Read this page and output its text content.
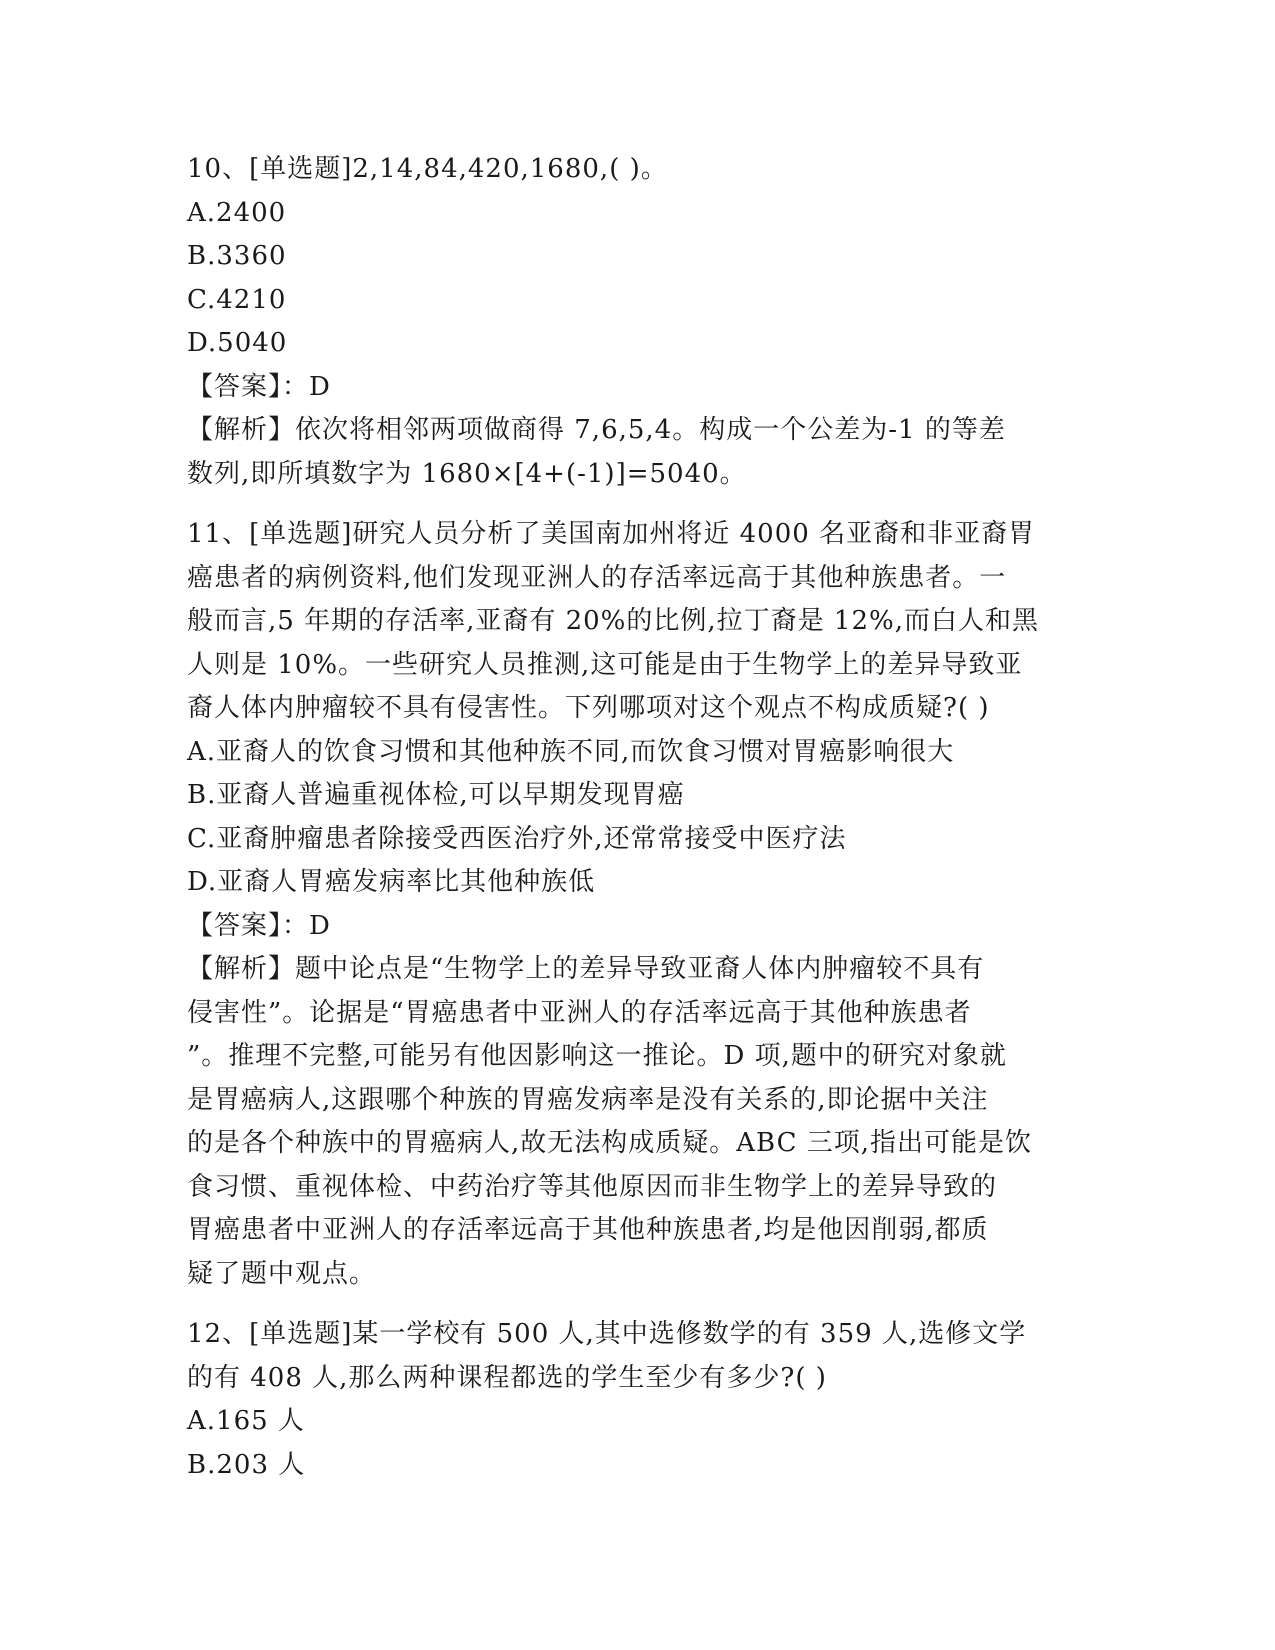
10、[单选题]2,14,84,420,1680,( )。
A.2400
B.3360
C.4210
D.5040
【答案】：D
【解析】依次将相邻两项做商得 7,6,5,4。构成一个公差为-1 的等差
数列,即所填数字为 1680×[4+(-1)]=5040。
11、[单选题]研究人员分析了美国南加州将近 4000 名亚裔和非亚裔胃
癌患者的病例资料,他们发现亚洲人的存活率远高于其他种族患者。一
般而言,5 年期的存活率,亚裔有 20%的比例,拉丁裔是 12%,而白人和黑
人则是 10%。一些研究人员推测,这可能是由于生物学上的差异导致亚
裔人体内肿瘤较不具有侵害性。下列哪项对这个观点不构成质疑?( )
A.亚裔人的饮食习惯和其他种族不同,而饮食习惯对胃癌影响很大
B.亚裔人普遍重视体检,可以早期发现胃癌
C.亚裔肿瘤患者除接受西医治疗外,还常常接受中医疗法
D.亚裔人胃癌发病率比其他种族低
【答案】：D
【解析】题中论点是“生物学上的差异导致亚裔人体内肿瘤较不具有
侵害性”。论据是“胃癌患者中亚洲人的存活率远高于其他种族患者
”。推理不完整,可能另有他因影响这一推论。D 项,题中的研究对象就
是胃癌病人,这跟哪个种族的胃癌发病率是没有关系的,即论据中关注
的是各个种族中的胃癌病人,故无法构成质疑。ABC 三项,指出可能是饮
食习惯、重视体检、中药治疗等其他原因而非生物学上的差异导致的
胃癌患者中亚洲人的存活率远高于其他种族患者,均是他因削弱,都质
疑了题中观点。
12、[单选题]某一学校有 500 人,其中选修数学的有 359 人,选修文学
的有 408 人,那么两种课程都选的学生至少有多少?( )
A.165 人
B.203 人
